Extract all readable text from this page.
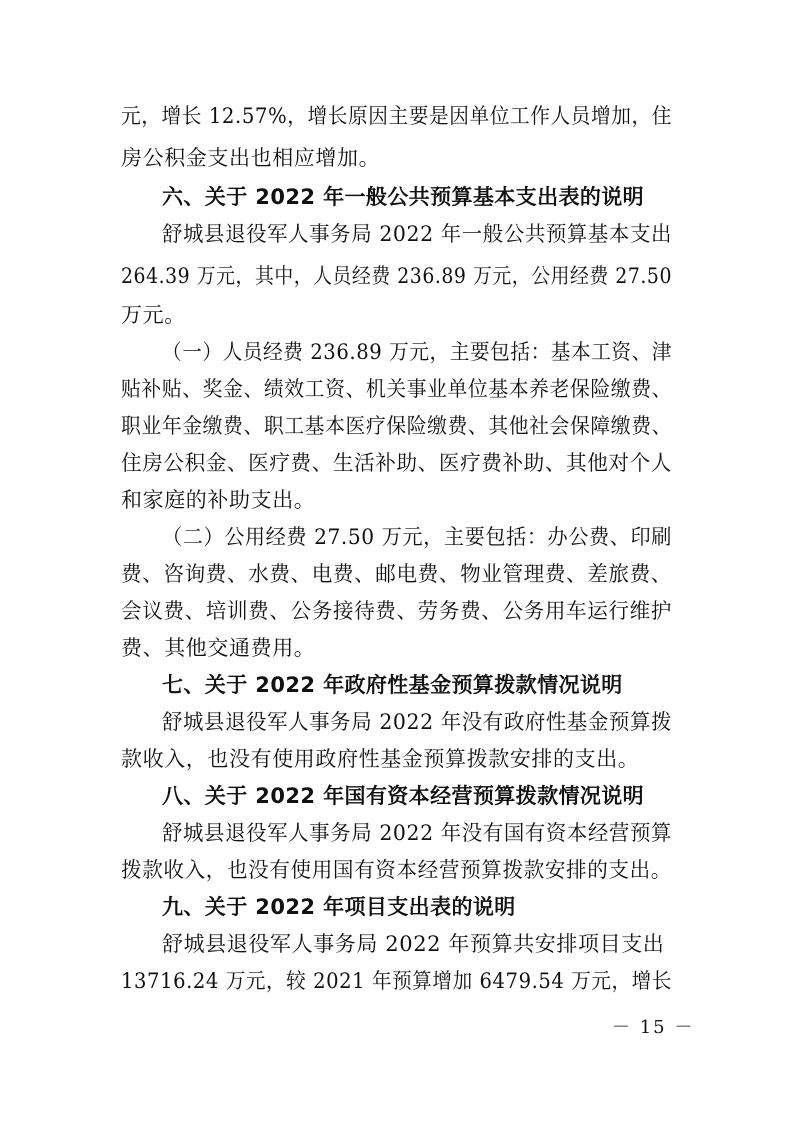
元，增长 12.57%，增长原因主要是因单位工作人员增加，住
房公积金支出也相应增加。
六、关于 2022 年一般公共预算基本支出表的说明
舒城县退役军人事务局 2022 年一般公共预算基本支出
264.39 万元，其中，人员经费 236.89 万元，公用经费 27.50
万元。
（一）人员经费 236.89 万元，主要包括：基本工资、津
贴补贴、奖金、绩效工资、机关事业单位基本养老保险缴费、
职业年金缴费、职工基本医疗保险缴费、其他社会保障缴费、
住房公积金、医疗费、生活补助、医疗费补助、其他对个人
和家庭的补助支出。
（二）公用经费 27.50 万元，主要包括：办公费、印刷
费、咨询费、水费、电费、邮电费、物业管理费、差旅费、
会议费、培训费、公务接待费、劳务费、公务用车运行维护
费、其他交通费用。
七、关于 2022 年政府性基金预算拨款情况说明
舒城县退役军人事务局 2022 年没有政府性基金预算拨
款收入，也没有使用政府性基金预算拨款安排的支出。
八、关于 2022 年国有资本经营预算拨款情况说明
舒城县退役军人事务局 2022 年没有国有资本经营预算
拨款收入，也没有使用国有资本经营预算拨款安排的支出。
九、关于 2022 年项目支出表的说明
舒城县退役军人事务局 2022 年预算共安排项目支出
13716.24 万元，较 2021 年预算增加 6479.54 万元，增长
－ 15 －
